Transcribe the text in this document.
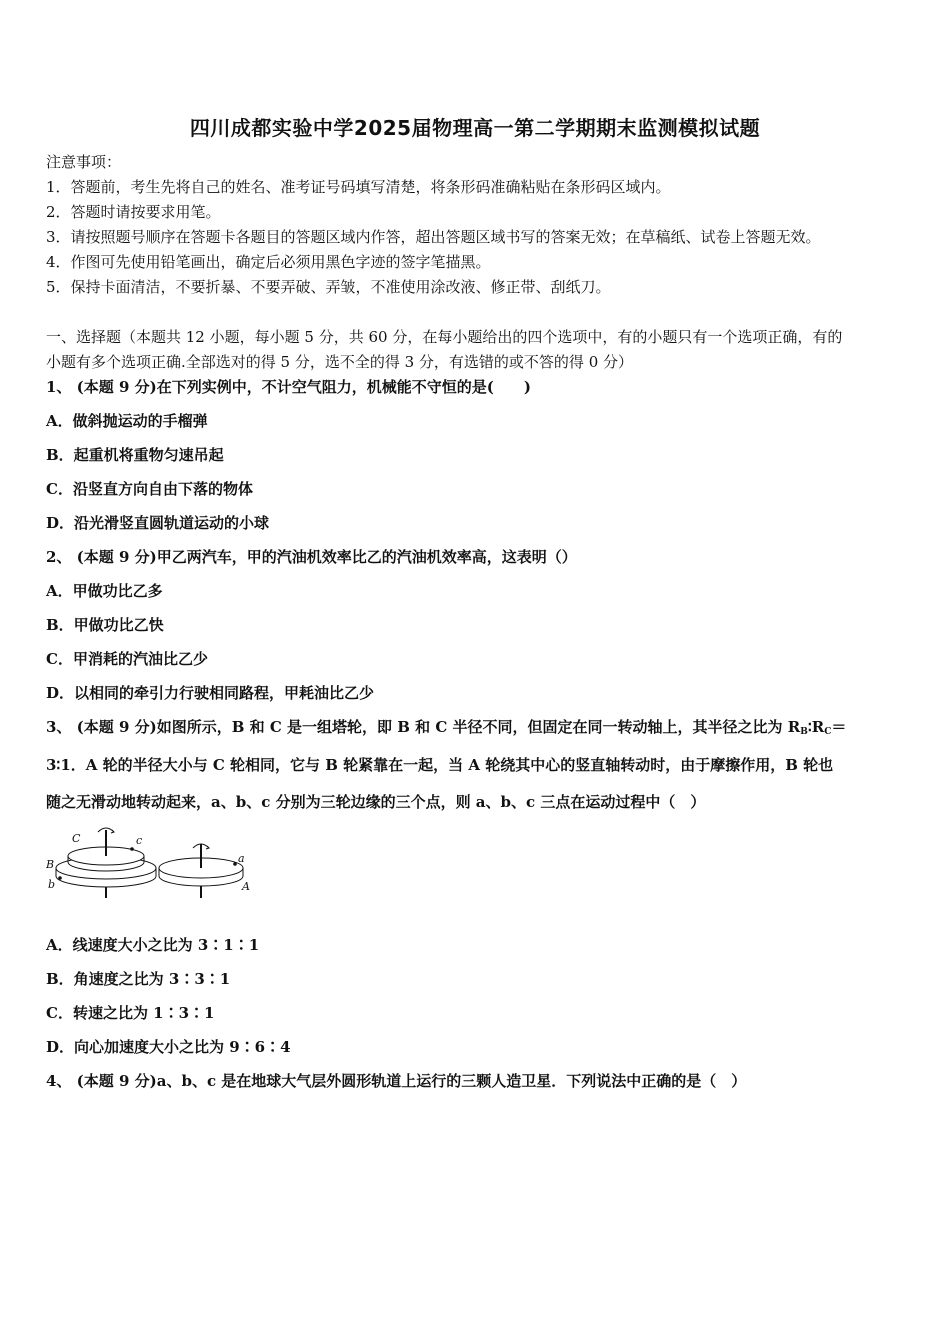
四川成都实验中学2025届物理高一第二学期期末监测模拟试题
注意事项：
1．答题前，考生先将自己的姓名、准考证号码填写清楚，将条形码准确粘贴在条形码区域内。
2．答题时请按要求用笔。
3．请按照题号顺序在答题卡各题目的答题区域内作答，超出答题区域书写的答案无效；在草稿纸、试卷上答题无效。
4．作图可先使用铅笔画出，确定后必须用黑色字迹的签字笔描黑。
5．保持卡面清洁，不要折暴、不要弄破、弄皱，不准使用涂改液、修正带、刮纸刀。
一、选择题（本题共 12 小题，每小题 5 分，共 60 分，在每小题给出的四个选项中，有的小题只有一个选项正确，有的
小题有多个选项正确.全部选对的得 5 分，选不全的得 3 分，有选错的或不答的得 0 分）
1、 (本题 9 分)在下列实例中，不计空气阻力，机械能不守恒的是(　　)
A．做斜抛运动的手榴弹
B．起重机将重物匀速吊起
C．沿竖直方向自由下落的物体
D．沿光滑竖直圆轨道运动的小球
2、 (本题 9 分)甲乙两汽车，甲的汽油机效率比乙的汽油机效率高，这表明（）
A．甲做功比乙多
B．甲做功比乙快
C．甲消耗的汽油比乙少
D．以相同的牵引力行驶相同路程，甲耗油比乙少
3、 (本题 9 分)如图所示，B 和 C 是一组塔轮，即 B 和 C 半径不同，但固定在同一转动轴上，其半径之比为 $R_B∶R_C=$
3∶1．A 轮的半径大小与 C 轮相同，它与 B 轮紧靠在一起，当 A 轮绕其中心的竖直轴转动时，由于摩擦作用，B 轮也
随之无滑动地转动起来，a、b、c 分别为三轮边缘的三个点，则 a、b、c 三点在运动过程中（　）
C	c
B
b
a
A
A．线速度大小之比为 3∶1∶1
B．角速度之比为 3∶3∶1
C．转速之比为 1∶3∶1
D．向心加速度大小之比为 9∶6∶4
4、 (本题 9 分)a、b、c 是在地球大气层外圆形轨道上运行的三颗人造卫星．下列说法中正确的是（　）
